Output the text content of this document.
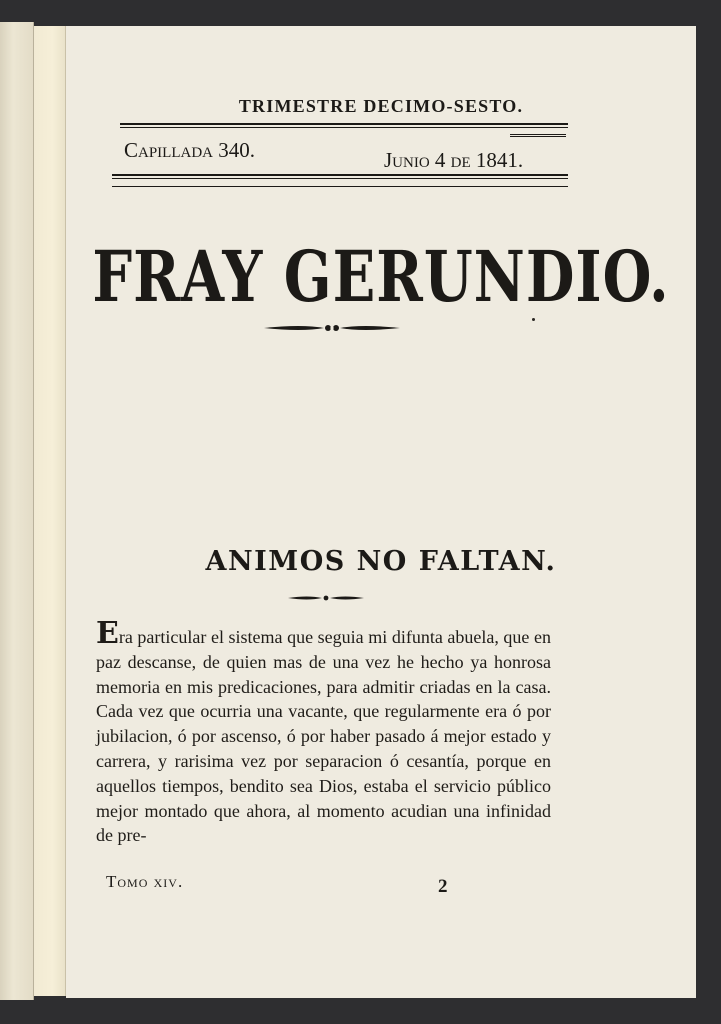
TRIMESTRE DECIMO-SESTO.
Capillada 340.	Junio 4 de 1841.
FRAY GERUNDIO.
ANIMOS NO FALTAN.

Era particular el sistema que seguia mi difunta abuela, que en paz descanse, de quien mas de una vez he hecho ya honrosa memoria en mis predicaciones, para admitir criadas en la casa. Cada vez que ocurria una vacante, que regularmente era ó por jubilacion, ó por ascenso, ó por haber pasado á mejor estado y carrera, y rarisima vez por separacion ó cesantía, porque en aquellos tiempos, bendito sea Dios, estaba el servicio público mejor montado que ahora, al momento acudian una infinidad de pre-

Tomo xiv.	2
